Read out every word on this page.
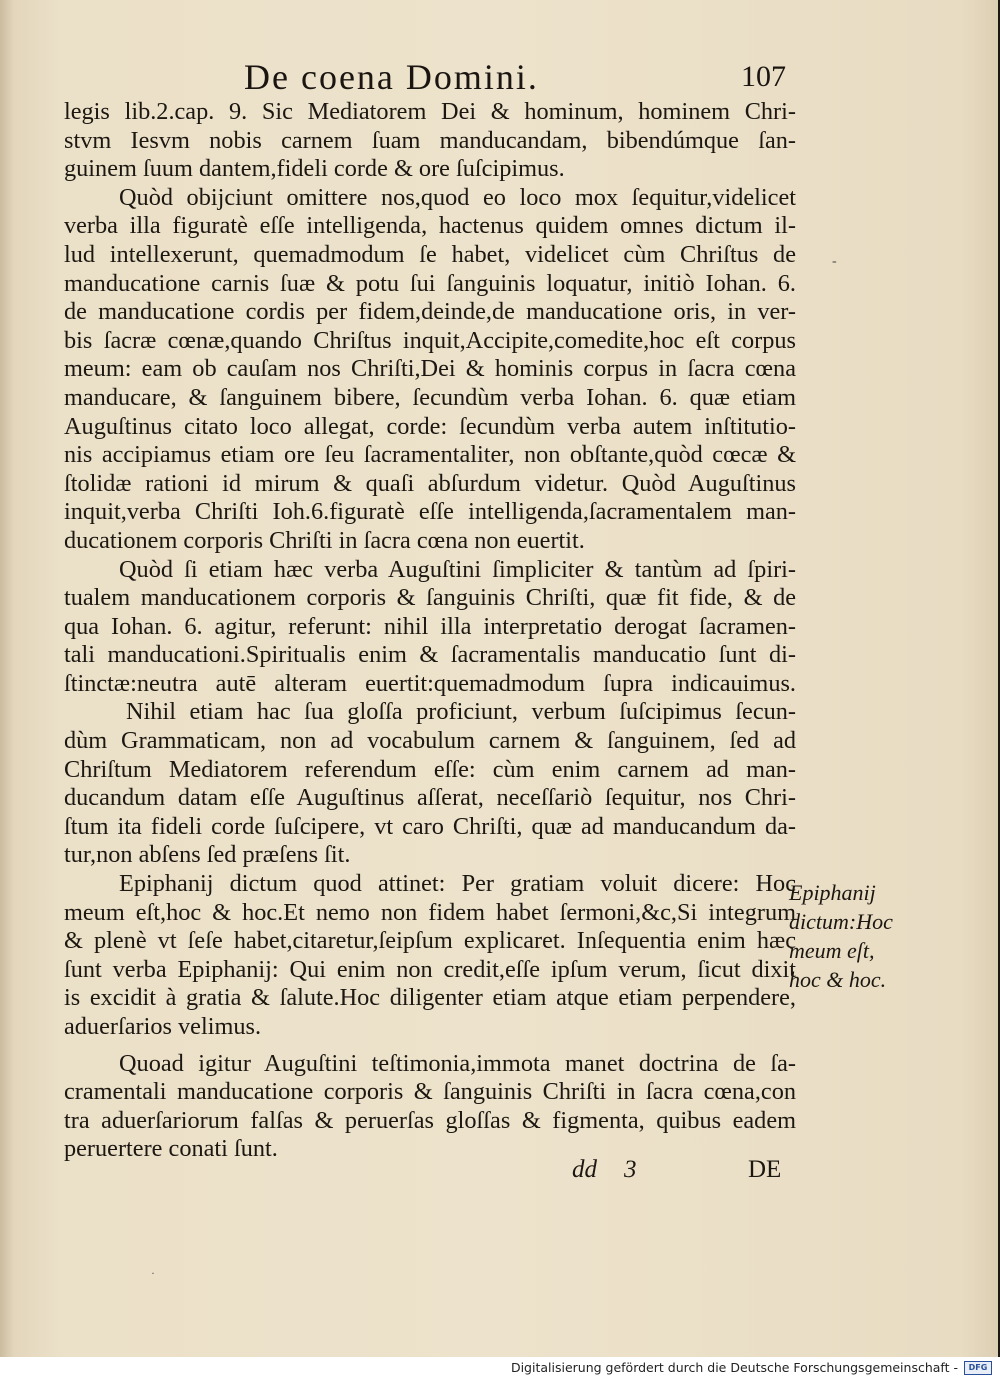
De coena Domini.	107
legis lib.2.cap. 9. Sic Mediatorem Dei & hominum, hominem Chri-
stvm Iesvm nobis carnem ſuam manducandam, bibendúmque ſan-
guinem ſuum dantem,fideli corde & ore ſuſcipimus.
Quòd obijciunt omittere nos,quod eo loco mox ſequitur,videlicet
verba illa figuratè eſſe intelligenda, hactenus quidem omnes dictum il-
lud intellexerunt, quemadmodum ſe habet, videlicet cùm Chriſtus de
manducatione carnis ſuæ & potu ſui ſanguinis loquatur, initiò Iohan. 6.
de manducatione cordis per fidem,deinde,de manducatione oris, in ver-
bis ſacræ cœnæ,quando Chriſtus inquit,Accipite,comedite,hoc eſt corpus
meum: eam ob cauſam nos Chriſti,Dei & hominis corpus in ſacra cœna
manducare, & ſanguinem bibere, ſecundùm verba Iohan. 6. quæ etiam
Auguſtinus citato loco allegat, corde: ſecundùm verba autem inſtitutio-
nis accipiamus etiam ore ſeu ſacramentaliter, non obſtante,quòd cœcæ &
ſtolidæ rationi id mirum & quaſi abſurdum videtur. Quòd Auguſtinus
inquit,verba Chriſti Ioh.6.figuratè eſſe intelligenda,ſacramentalem man-
ducationem corporis Chriſti in ſacra cœna non euertit.
Quòd ſi etiam hæc verba Auguſtini ſimpliciter & tantùm ad ſpiri-
tualem manducationem corporis & ſanguinis Chriſti, quæ fit fide, & de
qua Iohan. 6. agitur, referunt: nihil illa interpretatio derogat ſacramen-
tali manducationi.Spiritualis enim & ſacramentalis manducatio ſunt di-
ſtinctæ:neutra autē alteram euertit:quemadmodum ſupra indicauimus.
Nihil etiam hac ſua gloſſa proficiunt, verbum ſuſcipimus ſecun-
dùm Grammaticam, non ad vocabulum carnem & ſanguinem, ſed ad
Chriſtum Mediatorem referendum eſſe: cùm enim carnem ad man-
ducandum datam eſſe Auguſtinus aſſerat, neceſſariò ſequitur, nos Chri-
ſtum ita fideli corde ſuſcipere, vt caro Chriſti, quæ ad manducandum da-
tur,non abſens ſed præſens ſit.
Epiphanij dictum quod attinet: Per gratiam voluit dicere: Hoc
meum eſt,hoc & hoc.Et nemo non fidem habet ſermoni,&c,Si integrum
& plenè vt ſeſe habet,citaretur,ſeipſum explicaret. Inſequentia enim hæc
ſunt verba Epiphanij: Qui enim non credit,eſſe ipſum verum, ſicut dixit
is excidit à gratia & ſalute.Hoc diligenter etiam atque etiam perpendere,
aduerſarios velimus.
Quoad igitur Auguſtini teſtimonia,immota manet doctrina de ſa-
cramentali manducatione corporis & ſanguinis Chriſti in ſacra cœna,con
tra aduerſariorum falſas & peruerſas gloſſas & figmenta, quibus eadem
peruertere conati ſunt.
Epiphanij
dictum:Hoc
meum eſt,
hoc & hoc.
dd 3	DE
-
·
Digitalisierung gefördert durch die Deutsche Forschungsgemeinschaft -	DFG
